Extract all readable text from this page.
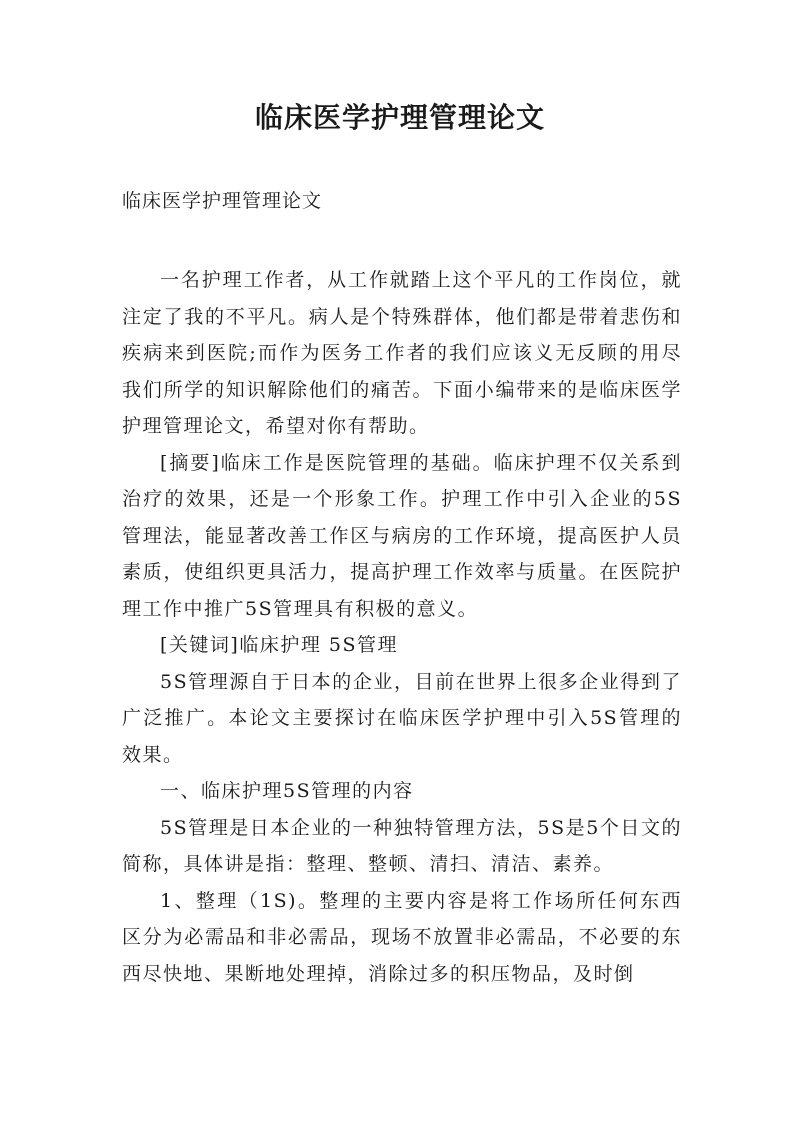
临床医学护理管理论文
临床医学护理管理论文

一名护理工作者，从工作就踏上这个平凡的工作岗位，就注定了我的不平凡。病人是个特殊群体，他们都是带着悲伤和疾病来到医院;而作为医务工作者的我们应该义无反顾的用尽我们所学的知识解除他们的痛苦。下面小编带来的是临床医学护理管理论文，希望对你有帮助。

[摘要]临床工作是医院管理的基础。临床护理不仅关系到治疗的效果，还是一个形象工作。护理工作中引入企业的5S管理法，能显著改善工作区与病房的工作环境，提高医护人员素质，使组织更具活力，提高护理工作效率与质量。在医院护理工作中推广5S管理具有积极的意义。

[关键词]临床护理 5S管理

5S管理源自于日本的企业，目前在世界上很多企业得到了广泛推广。本论文主要探讨在临床医学护理中引入5S管理的效果。

一、临床护理5S管理的内容

5S管理是日本企业的一种独特管理方法，5S是5个日文的简称，具体讲是指：整理、整顿、清扫、清洁、素养。

1、整理（1S)。整理的主要内容是将工作场所任何东西区分为必需品和非必需品，现场不放置非必需品，不必要的东西尽快地、果断地处理掉，消除过多的积压物品，及时倒
